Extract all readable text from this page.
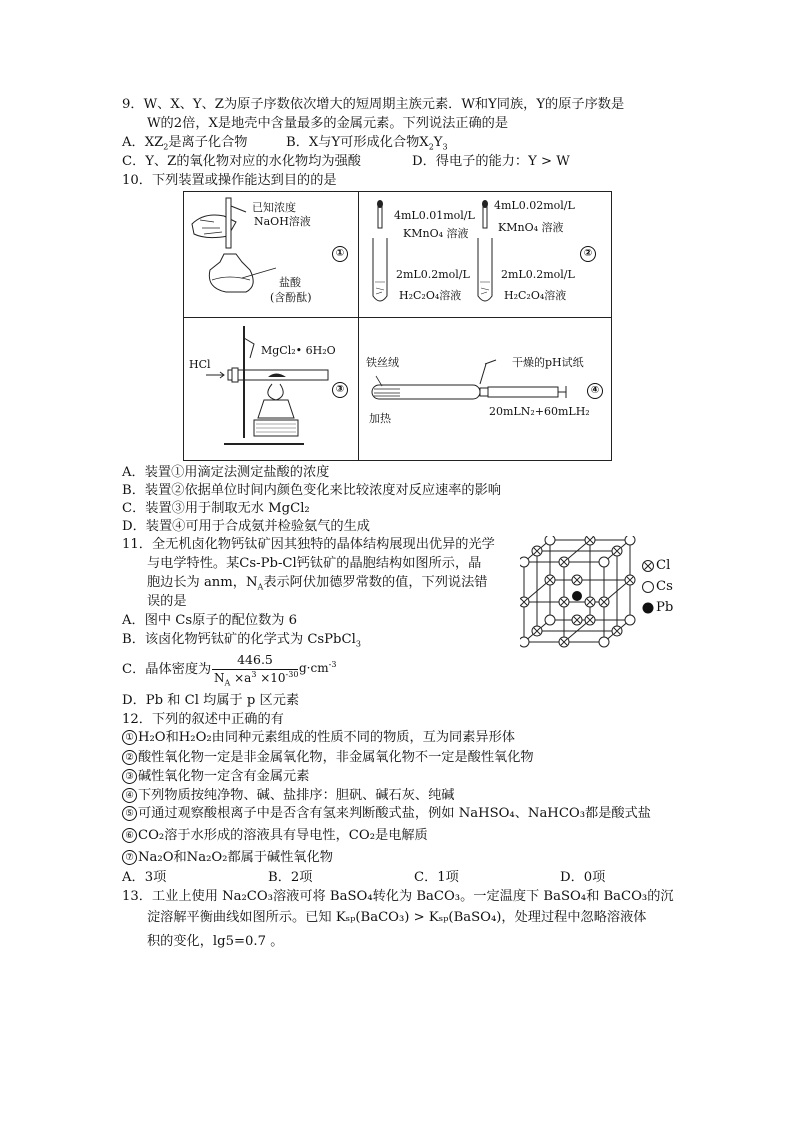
9．W、X、Y、Z为原子序数依次增大的短周期主族元素．W和Y同族，Y的原子序数是
W的2倍，X是地壳中含量最多的金属元素。下列说法正确的是
A．$XZ_2$是离子化合物	B．X与Y可形成化合物$X_2Y_3$
C．Y、Z的氧化物对应的水化物均为强酸	D．得电子的能力：Y > W
10．下列装置或操作能达到目的的是
已知浓度
NaOH溶液
盐酸
(含酚酞)
①
4mL0.01mol/L
KMnO₄ 溶液
4mL0.02mol/L
KMnO₄ 溶液
2mL0.2mol/L
H₂C₂O₄溶液
2mL0.2mol/L
H₂C₂O₄溶液
②
HCl
MgCl₂• 6H₂O
③
铁丝绒	干燥的pH试纸
加热
20mLN₂+60mLH₂
④
A．装置①用滴定法测定盐酸的浓度
B．装置②依据单位时间内颜色变化来比较浓度对反应速率的影响
C．装置③用于制取无水 MgCl₂
D．装置④可用于合成氨并检验氨气的生成
11．全无机卤化物钙钛矿因其独特的晶体结构展现出优异的光学
与电学特性。某Cs-Pb-Cl钙钛矿的晶胞结构如图所示，晶
胞边长为 anm，$N_A$表示阿伏加德罗常数的值，下列说法错
误的是
A．图中 Cs原子的配位数为 6
B．该卤化物钙钛矿的化学式为 CsPbCl$_3$
C．晶体密度为
446.5
$N_A \times a^3 \times 10^{-30}$ $g\cdot cm^{-3}$
D．Pb 和 Cl 均属于 p 区元素
Cl
Cs
Pb
12．下列的叙述中正确的有
① H₂O和H₂O₂由同种元素组成的性质不同的物质，互为同素异形体
② 酸性氧化物一定是非金属氧化物，非金属氧化物不一定是酸性氧化物
③ 碱性氧化物一定含有金属元素
④ 下列物质按纯净物、碱、盐排序：胆矾、碱石灰、纯碱
⑤ 可通过观察酸根离子中是否含有氢来判断酸式盐，例如 NaHSO₄、NaHCO₃都是酸式盐
⑥ CO₂溶于水形成的溶液具有导电性，CO₂是电解质
⑦ Na₂O和Na₂O₂都属于碱性氧化物
A．3项	B．2项	C．1项	D．0项
13．工业上使用 Na₂CO₃溶液可将 BaSO₄转化为 BaCO₃。一定温度下 BaSO₄和 BaCO₃的沉
淀溶解平衡曲线如图所示。已知 Kₛₚ(BaCO₃) > Kₛₚ(BaSO₄)，处理过程中忽略溶液体
积的变化，lg5=0.7 。
